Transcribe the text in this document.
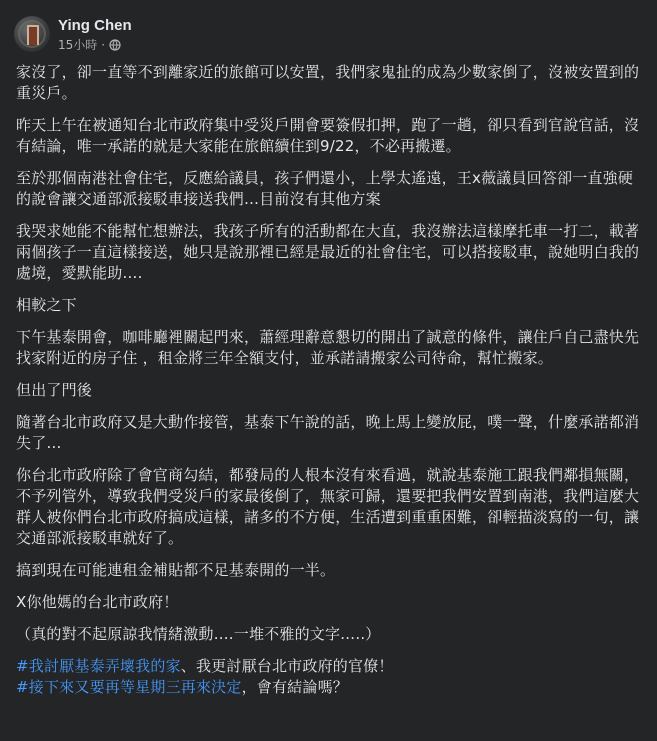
Ying Chen
15小時 ·

家沒了，卻一直等不到離家近的旅館可以安置，我們家鬼扯的成為少數家倒了，沒被安置到的重災戶。

昨天上午在被通知台北市政府集中受災戶開會要簽假扣押，跑了一趟，卻只看到官說官話，沒有結論，唯一承諾的就是大家能在旅館續住到9/22，不必再搬遷。

至於那個南港社會住宅，反應給議員，孩子們還小，上學太遙遠，王x薇議員回答卻一直強硬的說會讓交通部派接駁車接送我們…目前沒有其他方案

我哭求她能不能幫忙想辦法，我孩子所有的活動都在大直，我沒辦法這樣摩托車一打二，載著兩個孩子一直這樣接送，她只是說那裡已經是最近的社會住宅，可以搭接駁車，說她明白我的處境，愛默能助….

相較之下

下午基泰開會，咖啡廳裡關起門來，蕭經理辭意懇切的開出了誠意的條件，讓住戶自己盡快先找家附近的房子住 ，租金將三年全額支付，並承諾請搬家公司待命，幫忙搬家。

但出了門後

隨著台北市政府又是大動作接管，基泰下午說的話，晚上馬上變放屁，噗一聲，什麼承諾都消失了…

你台北市政府除了會官商勾結，都發局的人根本沒有來看過，就說基泰施工跟我們鄰損無關，不予列管外，導致我們受災戶的家最後倒了，無家可歸，還要把我們安置到南港，我們這麼大群人被你們台北市政府搞成這樣，諸多的不方便，生活遭到重重困難，卻輕描淡寫的一句，讓交通部派接駁車就好了。

搞到現在可能連租金補貼都不足基泰開的一半。

X你他媽的台北市政府！

（真的對不起原諒我情緒激動….一堆不雅的文字…..）

#我討厭基泰弄壞我的家、我更討厭台北市政府的官僚！
#接下來又要再等星期三再來決定，會有結論嗎？
